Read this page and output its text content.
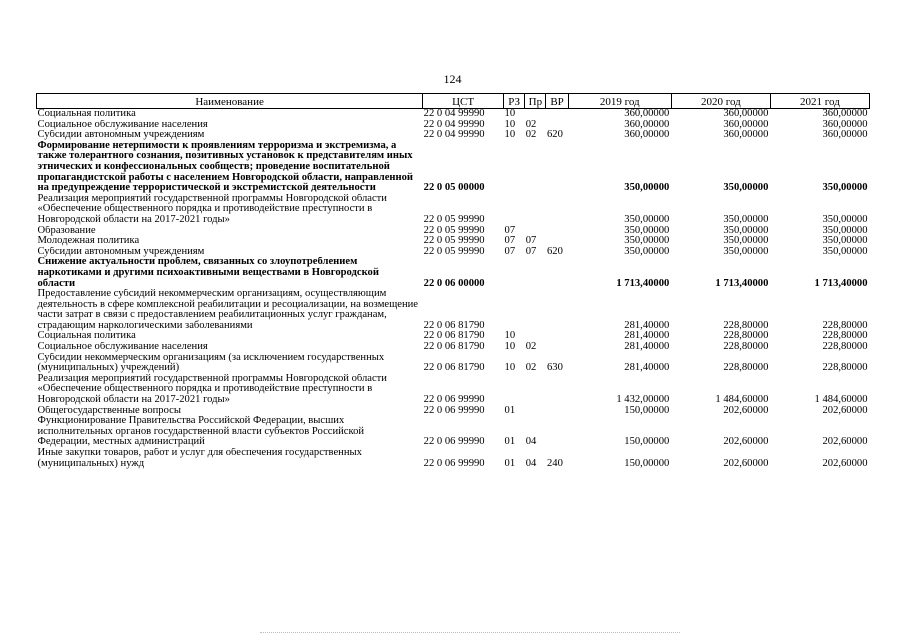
124
Наименование	ЦСТ	РЗ	Пр	ВР	2019 год	2020 год	2021 год
Социальная политика	22 0 04 99990	10			360,00000	360,00000	360,00000
Социальное обслуживание населения	22 0 04 99990	10	02		360,00000	360,00000	360,00000
Субсидии автономным учреждениям	22 0 04 99990	10	02	620	360,00000	360,00000	360,00000
Формирование нетерпимости к проявлениям терроризма и экстремизма, а также толерантного сознания, позитивных установок к представителям иных этнических и конфессиональных сообществ; проведение воспитательной пропагандистской работы с населением Новгородской области, направленной на предупреждение террористической и экстремистской деятельности	22 0 05 00000				350,00000	350,00000	350,00000
Реализация мероприятий государственной программы Новгородской области «Обеспечение общественного порядка и противодействие преступности в Новгородской области на 2017-2021 годы»	22 0 05 99990				350,00000	350,00000	350,00000
Образование	22 0 05 99990	07			350,00000	350,00000	350,00000
Молодежная политика	22 0 05 99990	07	07		350,00000	350,00000	350,00000
Субсидии автономным учреждениям	22 0 05 99990	07	07	620	350,00000	350,00000	350,00000
Снижение актуальности проблем, связанных со злоупотреблением наркотиками и другими психоактивными веществами в Новгородской области	22 0 06 00000				1 713,40000	1 713,40000	1 713,40000
Предоставление субсидий некоммерческим организациям, осуществляющим деятельность в сфере комплексной реабилитации и ресоциализации, на возмещение части затрат в связи с предоставлением реабилитационных услуг гражданам, страдающим наркологическими заболеваниями	22 0 06 81790				281,40000	228,80000	228,80000
Социальная политика	22 0 06 81790	10			281,40000	228,80000	228,80000
Социальное обслуживание населения	22 0 06 81790	10	02		281,40000	228,80000	228,80000
Субсидии некоммерческим организациям (за исключением государственных (муниципальных) учреждений)	22 0 06 81790	10	02	630	281,40000	228,80000	228,80000
Реализация мероприятий государственной программы Новгородской области «Обеспечение общественного порядка и противодействие преступности в Новгородской области на 2017-2021 годы»	22 0 06 99990				1 432,00000	1 484,60000	1 484,60000
Общегосударственные вопросы	22 0 06 99990	01			150,00000	202,60000	202,60000
Функционирование Правительства Российской Федерации, высших исполнительных органов государственной власти субъектов Российской Федерации, местных администраций	22 0 06 99990	01	04		150,00000	202,60000	202,60000
Иные закупки товаров, работ и услуг для обеспечения государственных (муниципальных) нужд	22 0 06 99990	01	04	240	150,00000	202,60000	202,60000
